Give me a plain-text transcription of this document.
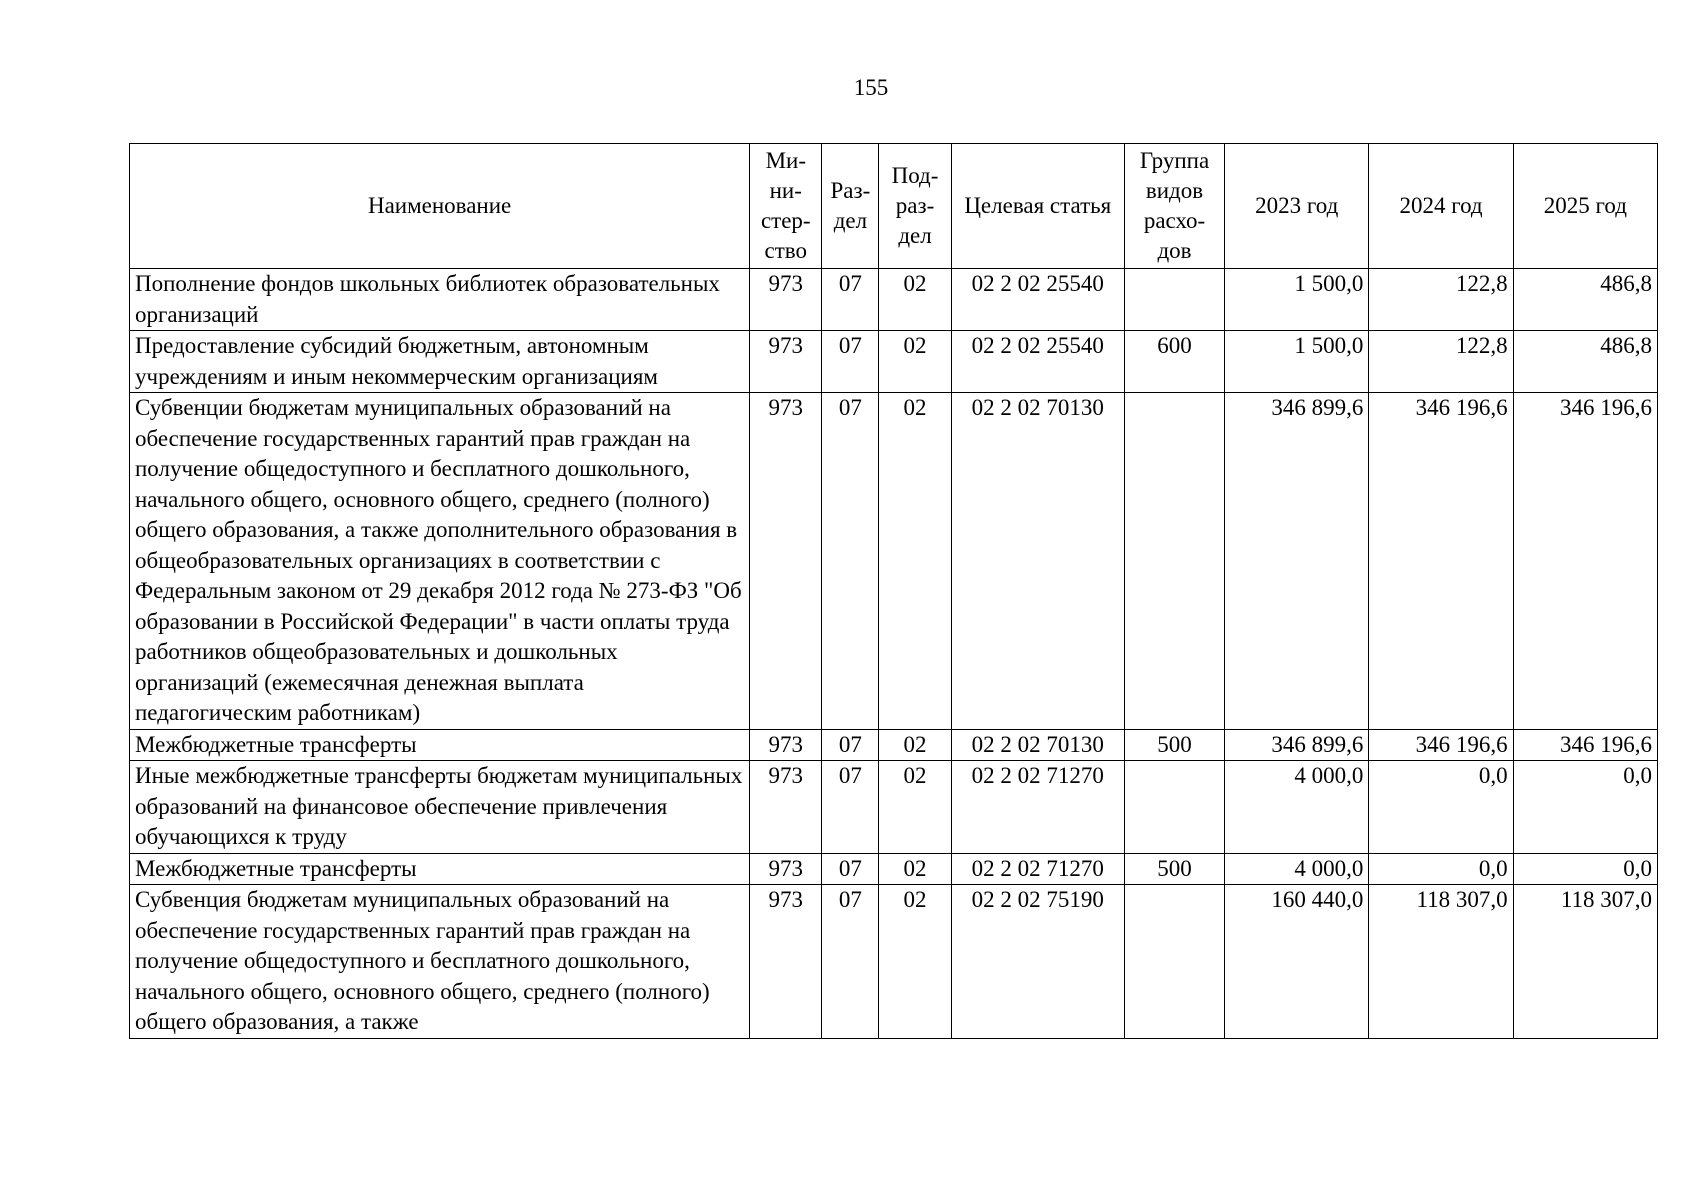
155
Наименование	Ми-ни-стер-ство	Раз-дел	Под-раз-дел	Целевая статья	Группа видов расхо-дов	2023 год	2024 год	2025 год
Пополнение фондов школьных библиотек образовательных организаций	973	07	02	02 2 02 25540		1 500,0	122,8	486,8
Предоставление субсидий бюджетным, автономным учреждениям и иным некоммерческим организациям	973	07	02	02 2 02 25540	600	1 500,0	122,8	486,8
Субвенции бюджетам муниципальных образований на обеспечение государственных гарантий прав граждан на получение общедоступного и бесплатного дошкольного, начального общего, основного общего, среднего (полного) общего образования, а также дополнительного образования в общеобразовательных организациях в соответствии с Федеральным законом от 29 декабря 2012 года № 273-ФЗ "Об образовании в Российской Федерации" в части оплаты труда работников общеобразовательных и дошкольных организаций (ежемесячная денежная выплата педагогическим работникам)	973	07	02	02 2 02 70130		346 899,6	346 196,6	346 196,6
Межбюджетные трансферты	973	07	02	02 2 02 70130	500	346 899,6	346 196,6	346 196,6
Иные межбюджетные трансферты бюджетам муниципальных образований на финансовое обеспечение привлечения обучающихся к труду	973	07	02	02 2 02 71270		4 000,0	0,0	0,0
Межбюджетные трансферты	973	07	02	02 2 02 71270	500	4 000,0	0,0	0,0
Субвенция бюджетам муниципальных образований на обеспечение государственных гарантий прав граждан на получение общедоступного и бесплатного дошкольного, начального общего, основного общего, среднего (полного) общего образования, а также	973	07	02	02 2 02 75190		160 440,0	118 307,0	118 307,0
